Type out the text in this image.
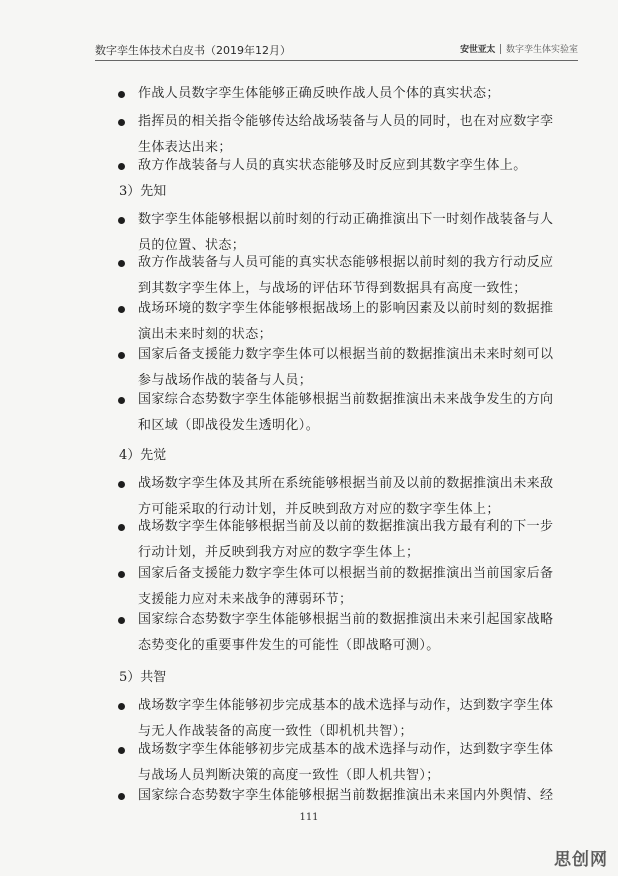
数字孪生体技术白皮书（2019年12月）	安世亚太 数字孪生体实验室
作战人员数字孪生体能够正确反映作战人员个体的真实状态；
指挥员的相关指令能够传达给战场装备与人员的同时，也在对应数字孪
生体表达出来；
敌方作战装备与人员的真实状态能够及时反应到其数字孪生体上。
3）先知
数字孪生体能够根据以前时刻的行动正确推演出下一时刻作战装备与人
员的位置、状态；
敌方作战装备与人员可能的真实状态能够根据以前时刻的我方行动反应
到其数字孪生体上，与战场的评估环节得到数据具有高度一致性；
战场环境的数字孪生体能够根据战场上的影响因素及以前时刻的数据推
演出未来时刻的状态；
国家后备支援能力数字孪生体可以根据当前的数据推演出未来时刻可以
参与战场作战的装备与人员；
国家综合态势数字孪生体能够根据当前数据推演出未来战争发生的方向
和区域（即战役发生透明化）。
4）先觉
战场数字孪生体及其所在系统能够根据当前及以前的数据推演出未来敌
方可能采取的行动计划，并反映到敌方对应的数字孪生体上；
战场数字孪生体能够根据当前及以前的数据推演出我方最有利的下一步
行动计划，并反映到我方对应的数字孪生体上；
国家后备支援能力数字孪生体可以根据当前的数据推演出当前国家后备
支援能力应对未来战争的薄弱环节；
国家综合态势数字孪生体能够根据当前的数据推演出未来引起国家战略
态势变化的重要事件发生的可能性（即战略可测）。
5）共智
战场数字孪生体能够初步完成基本的战术选择与动作，达到数字孪生体
与无人作战装备的高度一致性（即机机共智）；
战场数字孪生体能够初步完成基本的战术选择与动作，达到数字孪生体
与战场人员判断决策的高度一致性（即人机共智）；
国家综合态势数字孪生体能够根据当前数据推演出未来国内外舆情、经
111
思创网
